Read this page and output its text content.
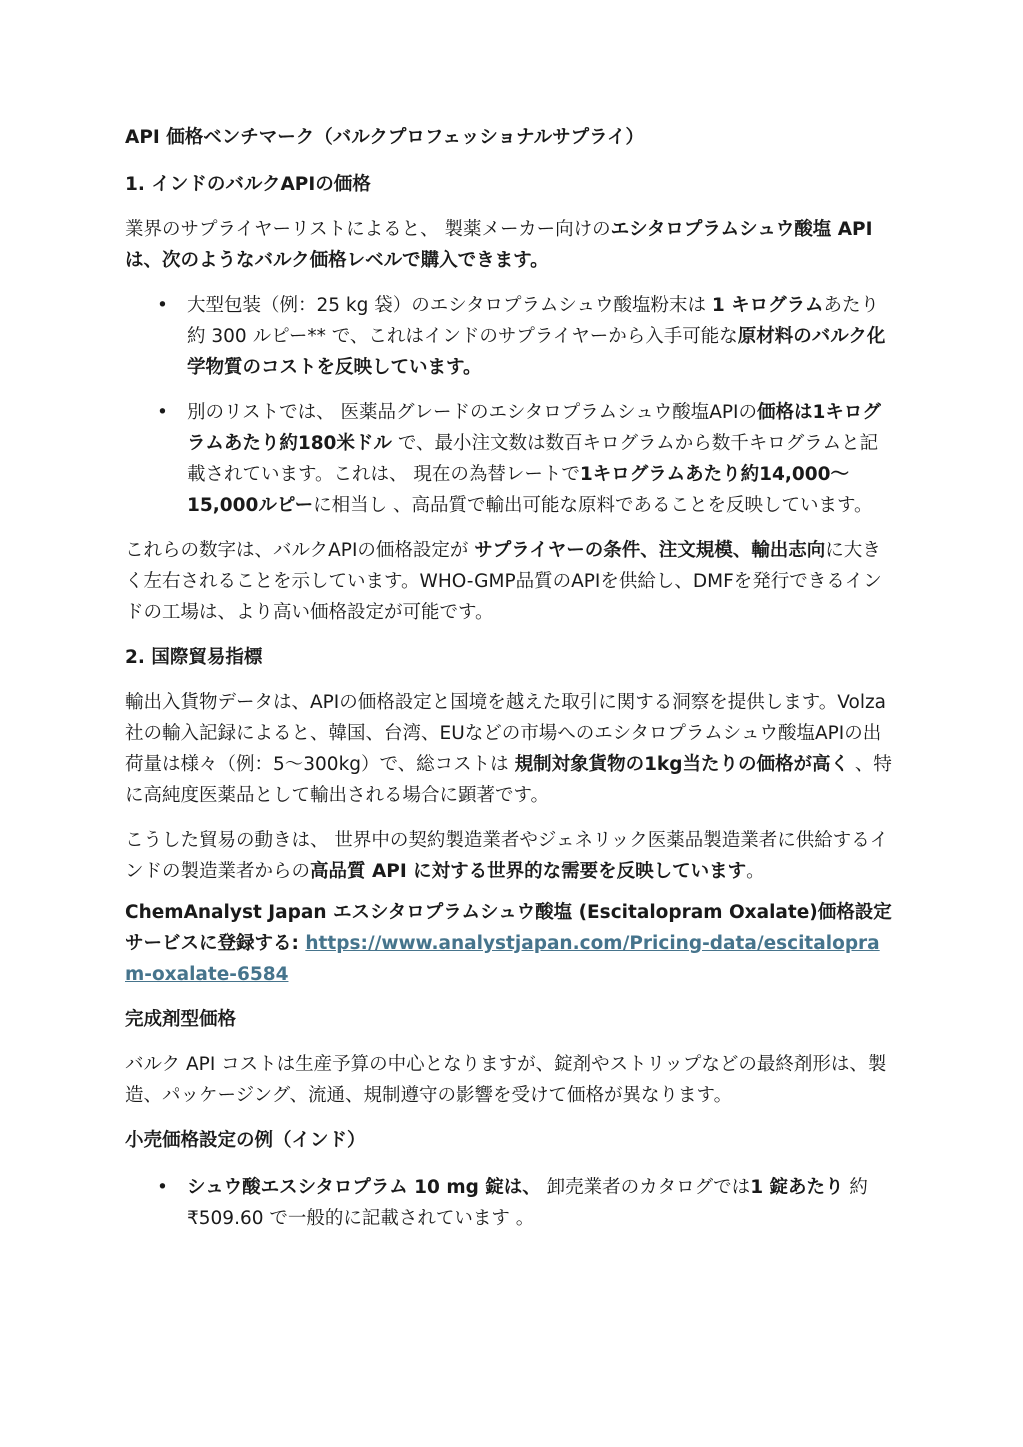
API 価格ベンチマーク（バルクプロフェッショナルサプライ）
1. インドのバルクAPIの価格

業界のサプライヤーリストによると、 製薬メーカー向けのエシタロプラムシュウ酸塩 API は、次のようなバルク価格レベルで購入できます。

• 大型包装（例：25 kg 袋）のエシタロプラムシュウ酸塩粉末は 1 キログラムあたり約 300 ルピー** で、これはインドのサプライヤーから入手可能な原材料のバルク化学物質のコストを反映しています。
• 別のリストでは、 医薬品グレードのエシタロプラムシュウ酸塩APIの価格は1キログラムあたり約180米ドル で、最小注文数は数百キログラムから数千キログラムと記載されています。これは、 現在の為替レートで1キログラムあたり約14,000～15,000ルピーに相当し 、高品質で輸出可能な原料であることを反映しています。

これらの数字は、バルクAPIの価格設定が サプライヤーの条件、注文規模、輸出志向に大きく左右されることを示しています。WHO-GMP品質のAPIを供給し、DMFを発行できるインドの工場は、より高い価格設定が可能です。

2. 国際貿易指標

輸出入貨物データは、APIの価格設定と国境を越えた取引に関する洞察を提供します。Volza社の輸入記録によると、韓国、台湾、EUなどの市場へのエシタロプラムシュウ酸塩APIの出荷量は様々（例：5～300kg）で、総コストは 規制対象貨物の1kg当たりの価格が高く 、特に高純度医薬品として輸出される場合に顕著です。

こうした貿易の動きは、 世界中の契約製造業者やジェネリック医薬品製造業者に供給するインドの製造業者からの高品質 API に対する世界的な需要を反映しています。

ChemAnalyst Japan エスシタロプラムシュウ酸塩 (Escitalopram Oxalate)価格設定サービスに登録する: https://www.analystjapan.com/Pricing-data/escitalopram-oxalate-6584

完成剤型価格

バルク API コストは生産予算の中心となりますが、錠剤やストリップなどの最終剤形は、製造、パッケージング、流通、規制遵守の影響を受けて価格が異なります。

小売価格設定の例（インド）
• シュウ酸エスシタロプラム 10 mg 錠は、 卸売業者のカタログでは1 錠あたり 約 ₹509.60 で一般的に記載されています 。
